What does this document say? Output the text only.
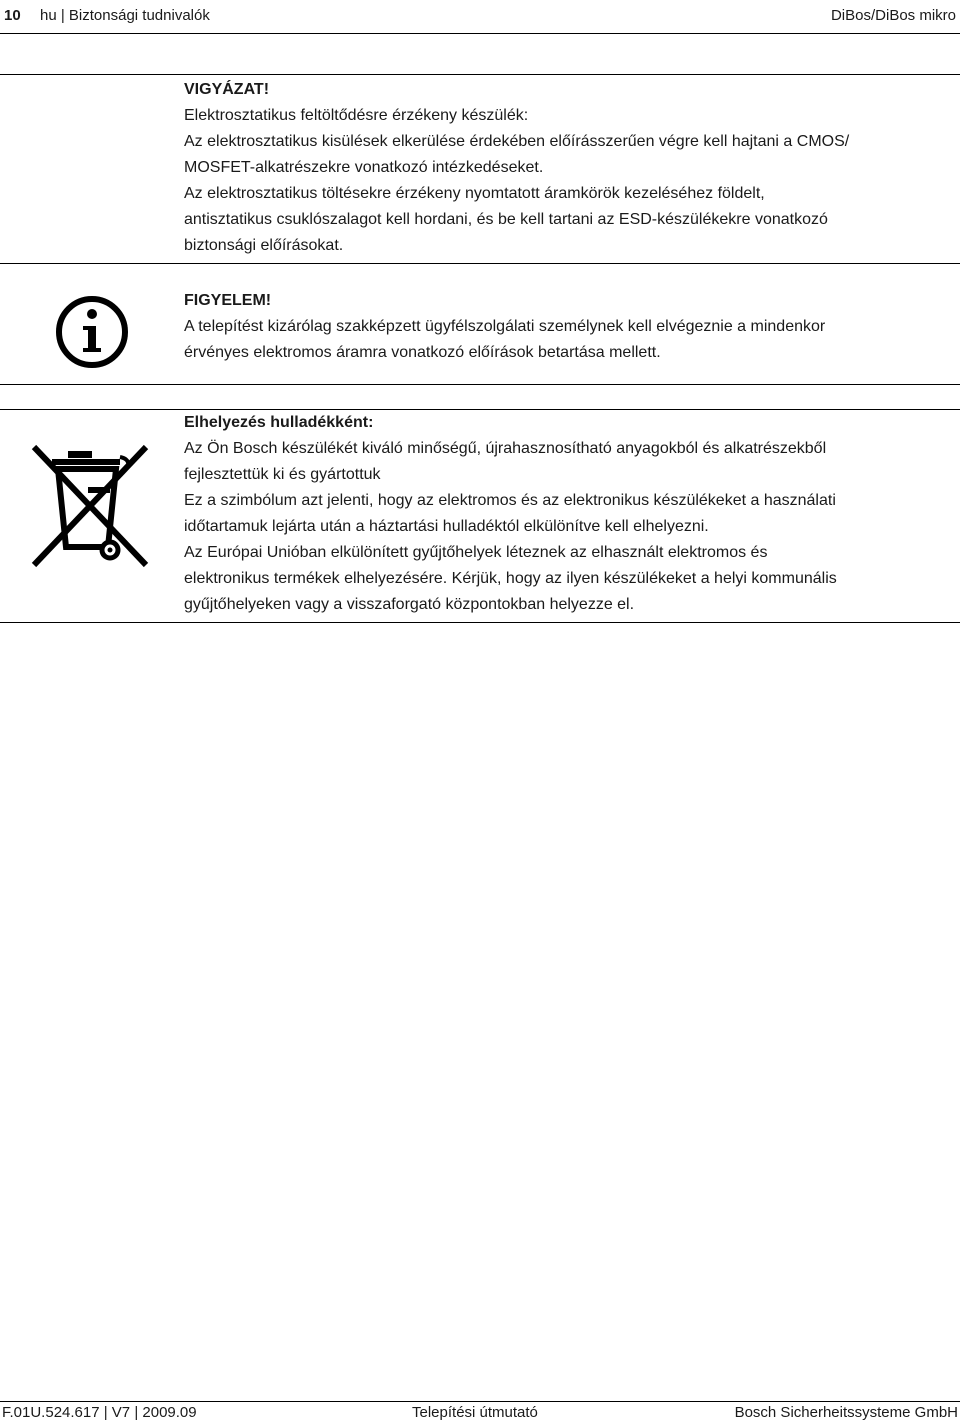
10 hu | Biztonsági tudnivalók	DiBos/DiBos mikro

VIGYÁZAT!

Elektrosztatikus feltöltődésre érzékeny készülék:

Az elektrosztatikus kisülések elkerülése érdekében előírásszerűen végre kell hajtani a CMOS/

MOSFET-alkatrészekre vonatkozó intézkedéseket.

Az elektrosztatikus töltésekre érzékeny nyomtatott áramkörök kezeléséhez földelt,

antisztatikus csuklószalagot kell hordani, és be kell tartani az ESD-készülékekre vonatkozó

biztonsági előírásokat.

FIGYELEM!

A telepítést kizárólag szakképzett ügyfélszolgálati személynek kell elvégeznie a mindenkor

érvényes elektromos áramra vonatkozó előírások betartása mellett.

Elhelyezés hulladékként:

Az Ön Bosch készülékét kiváló minőségű, újrahasznosítható anyagokból és alkatrészekből

fejlesztettük ki és gyártottuk

Ez a szimbólum azt jelenti, hogy az elektromos és az elektronikus készülékeket a használati

időtartamuk lejárta után a háztartási hulladéktól elkülönítve kell elhelyezni.

Az Európai Unióban elkülönített gyűjtőhelyek léteznek az elhasznált elektromos és

elektronikus termékek elhelyezésére. Kérjük, hogy az ilyen készülékeket a helyi kommunális

gyűjtőhelyeken vagy a visszaforgató központokban helyezze el.

F.01U.524.617 | V7 | 2009.09	Telepítési útmutató	Bosch Sicherheitssysteme GmbH
